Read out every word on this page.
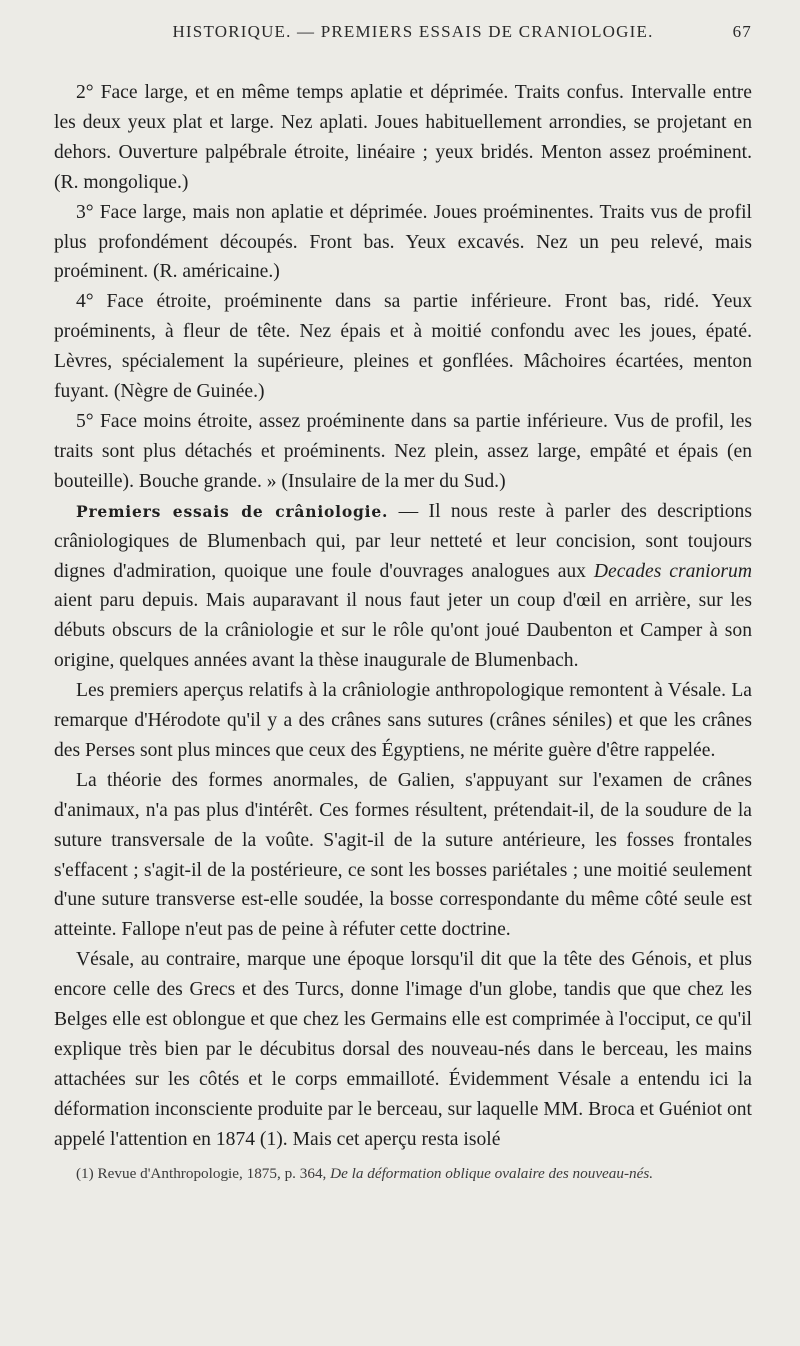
HISTORIQUE. — PREMIERS ESSAIS DE CRANIOLOGIE.	67

2° Face large, et en même temps aplatie et déprimée. Traits confus. Intervalle entre les deux yeux plat et large. Nez aplati. Joues habituellement arrondies, se projetant en dehors. Ouverture palpébrale étroite, linéaire ; yeux bridés. Menton assez proéminent. (R. mongolique.)

3° Face large, mais non aplatie et déprimée. Joues proéminentes. Traits vus de profil plus profondément découpés. Front bas. Yeux excavés. Nez un peu relevé, mais proéminent. (R. américaine.)

4° Face étroite, proéminente dans sa partie inférieure. Front bas, ridé. Yeux proéminents, à fleur de tête. Nez épais et à moitié confondu avec les joues, épaté. Lèvres, spécialement la supérieure, pleines et gonflées. Mâchoires écartées, menton fuyant. (Nègre de Guinée.)

5° Face moins étroite, assez proéminente dans sa partie inférieure. Vus de profil, les traits sont plus détachés et proéminents. Nez plein, assez large, empâté et épais (en bouteille). Bouche grande. » (Insulaire de la mer du Sud.)

Premiers essais de crâniologie. — Il nous reste à parler des descriptions crâniologiques de Blumenbach qui, par leur netteté et leur concision, sont toujours dignes d'admiration, quoique une foule d'ouvrages analogues aux Decades craniorum aient paru depuis. Mais auparavant il nous faut jeter un coup d'œil en arrière, sur les débuts obscurs de la crâniologie et sur le rôle qu'ont joué Daubenton et Camper à son origine, quelques années avant la thèse inaugurale de Blumenbach.

Les premiers aperçus relatifs à la crâniologie anthropologique remontent à Vésale. La remarque d'Hérodote qu'il y a des crânes sans sutures (crânes séniles) et que les crânes des Perses sont plus minces que ceux des Égyptiens, ne mérite guère d'être rappelée.

La théorie des formes anormales, de Galien, s'appuyant sur l'examen de crânes d'animaux, n'a pas plus d'intérêt. Ces formes résultent, prétendait-il, de la soudure de la suture transversale de la voûte. S'agit-il de la suture antérieure, les fosses frontales s'effacent ; s'agit-il de la postérieure, ce sont les bosses pariétales ; une moitié seulement d'une suture transverse est-elle soudée, la bosse correspondante du même côté seule est atteinte. Fallope n'eut pas de peine à réfuter cette doctrine.

Vésale, au contraire, marque une époque lorsqu'il dit que la tête des Génois, et plus encore celle des Grecs et des Turcs, donne l'image d'un globe, tandis que que chez les Belges elle est oblongue et que chez les Germains elle est comprimée à l'occiput, ce qu'il explique très bien par le décubitus dorsal des nouveau-nés dans le berceau, les mains attachées sur les côtés et le corps emmailloté. Évidemment Vésale a entendu ici la déformation inconsciente produite par le berceau, sur laquelle MM. Broca et Guéniot ont appelé l'attention en 1874 (1). Mais cet aperçu resta isolé

(1) Revue d'Anthropologie, 1875, p. 364, De la déformation oblique ovalaire des nouveau-nés.
